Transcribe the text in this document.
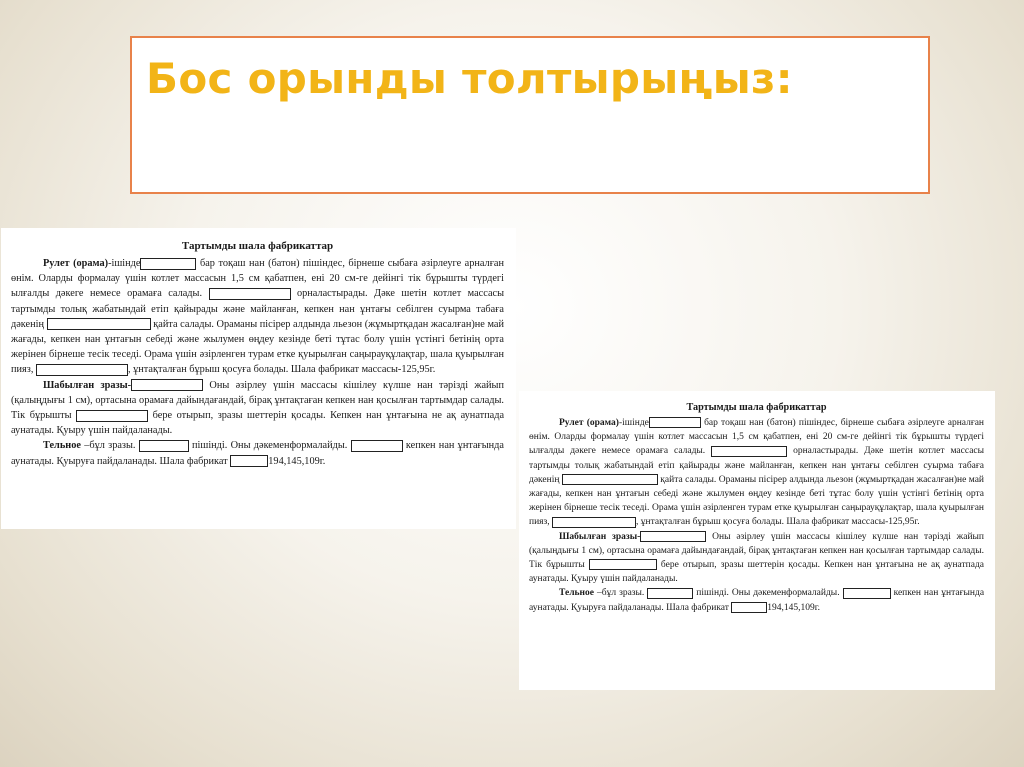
Бос орынды толтырыңыз:

Тартымды шала фабрикаттар

Рулет (орама)-ішінде	бар тоқаш нан (батон) пішіндес, бірнеше сыбаға әзірлеуге арналған өнім. Оларды формалау үшін котлет массасын 1,5 см қабатпен, ені 20 см-ге дейінгі тік бұрышты түрдегі ылғалды дәкеге немесе орамаға салады.	орналастырады. Дәке шетін котлет массасы тартымды толық жабатындай етіп қайырады және майланған, кепкен нан ұнтағы себілген суырма табаға дәкенің	қайта салады. Ораманы пісірер алдында льезон (жұмыртқадан жасалған)не май жағады, кепкен нан ұнтағын себеді және жылумен өңдеу кезінде беті тұтас болу үшін үстінгі бетінің орта жерінен бірнеше тесік теседі. Орама үшін әзірленген турам етке қуырылған саңырауқұлақтар, шала қуырылған пияз,	, ұнтақталған бұрыш қосуға болады. Шала фабрикат массасы-125,95г.

Шабылған зразы-	Оны әзірлеу үшін массасы кішілеу күлше нан тәрізді жайып (қалыңдығы 1 см), ортасына орамаға дайындағандай, бірақ ұнтақтаған кепкен нан қосылған тартымдар салады. Тік бұрышты	бере отырып, зразы шеттерін қосады. Кепкен нан ұнтағына не ақ аунатпада аунатады. Қуыру үшін пайдаланады.

Тельное –бұл зразы.	пішінді. Оны дәкеменформалайды.	кепкен нан ұнтағында аунатады. Қуыруға пайдаланады. Шала фабрикат	194,145,109г.

Тартымды шала фабрикаттар

Рулет (орама)-ішінде	бар тоқаш нан (батон) пішіндес, бірнеше сыбаға әзірлеуге арналған өнім. Оларды формалау үшін котлет массасын 1,5 см қабатпен, ені 20 см-ге дейінгі тік бұрышты түрдегі ылғалды дәкеге немесе орамаға салады.	орналастырады. Дәке шетін котлет массасы тартымды толық жабатындай етіп қайырады және майланған, кепкен нан ұнтағы себілген суырма табаға дәкенің	қайта салады. Ораманы пісірер алдында льезон (жұмыртқадан жасалған)не май жағады, кепкен нан ұнтағын себеді және жылумен өңдеу кезінде беті тұтас болу үшін үстінгі бетінің орта жерінен бірнеше тесік теседі. Орама үшін әзірленген турам етке қуырылған саңырауқұлақтар, шала қуырылған пияз,	, ұнтақталған бұрыш қосуға болады. Шала фабрикат массасы-125,95г.

Шабылған зразы-	Оны әзірлеу үшін массасы кішілеу күлше нан тәрізді жайып (қалыңдығы 1 см), ортасына орамаға дайындағандай, бірақ ұнтақтаған кепкен нан қосылған тартымдар салады. Тік бұрышты	бере отырып, зразы шеттерін қосады. Кепкен нан ұнтағына не ақ аунатпада аунатады. Қуыру үшін пайдаланады.

Тельное –бұл зразы.	пішінді. Оны дәкеменформалайды.	кепкен нан ұнтағында аунатады. Қуыруға пайдаланады. Шала фабрикат	194,145,109г.
